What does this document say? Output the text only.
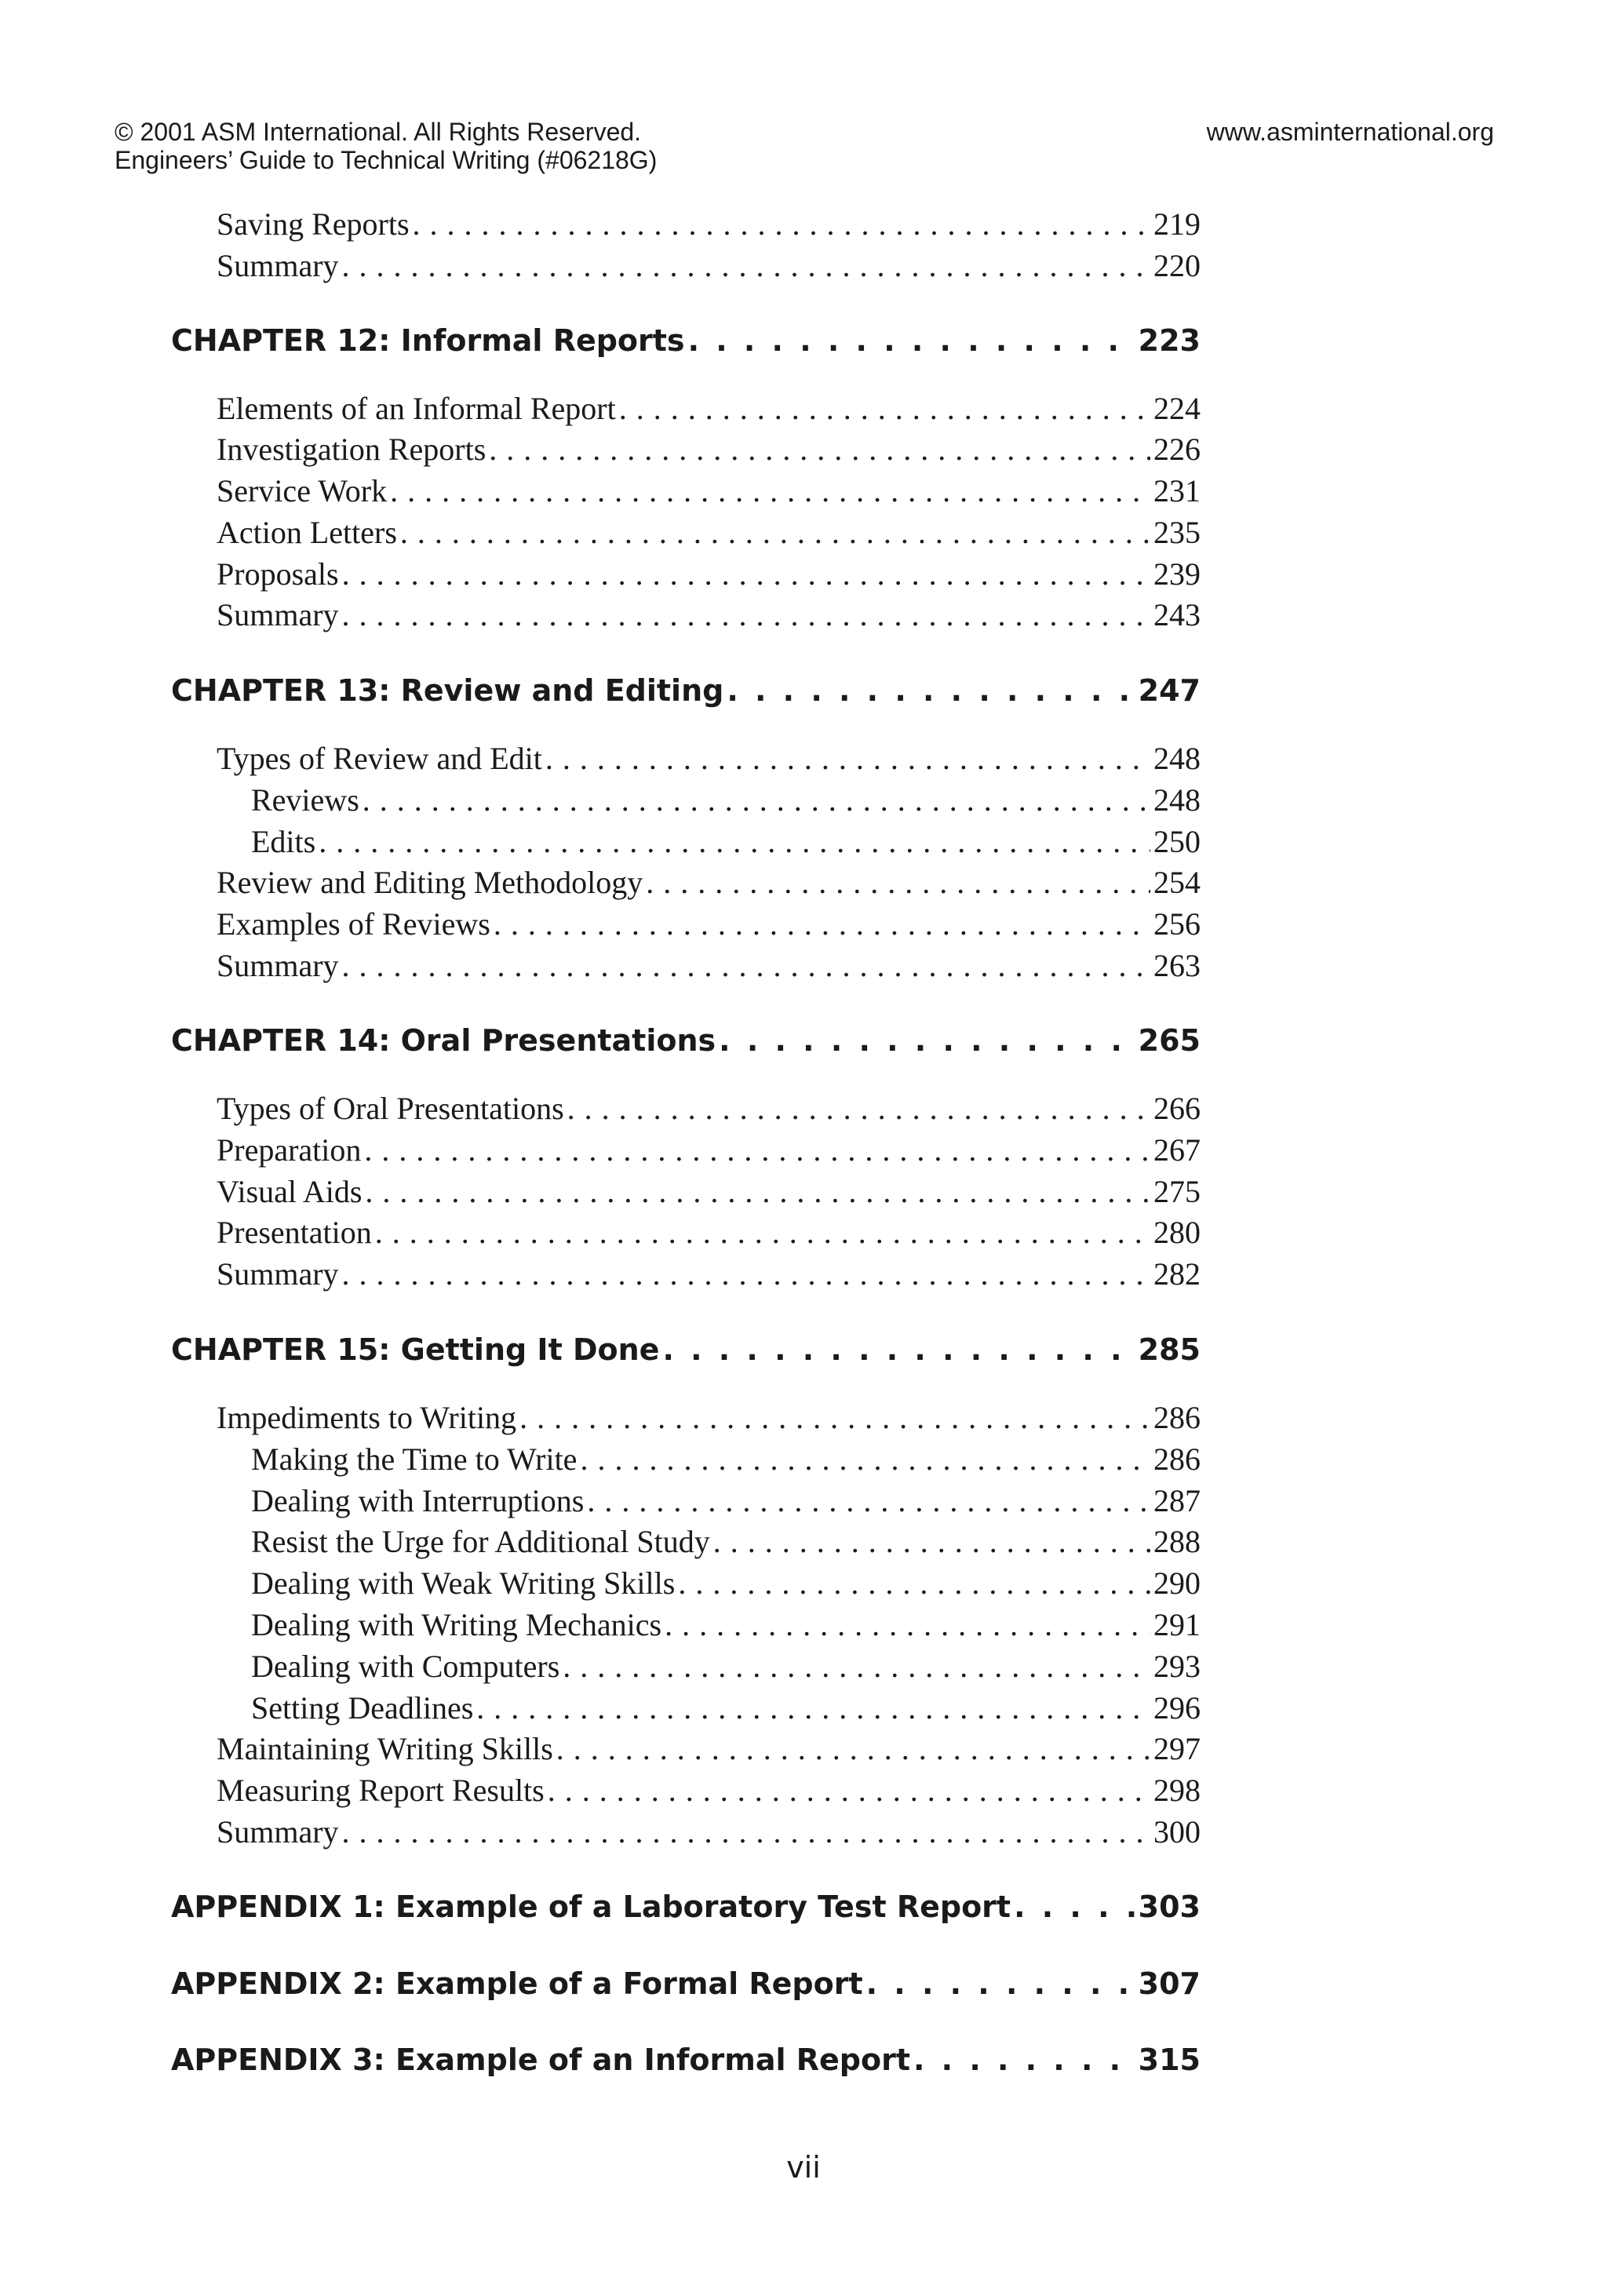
© 2001 ASM International. All Rights Reserved.	www.asminternational.org
Engineers’ Guide to Technical Writing (#06218G)
Saving Reports . . .	219
Summary . . .	220
CHAPTER 12: Informal Reports . . .	223
Elements of an Informal Report . . .	224
Investigation Reports . . .	226
Service Work . . .	231
Action Letters . . .	235
Proposals . . .	239
Summary . . .	243
CHAPTER 13: Review and Editing . . .	247
Types of Review and Edit . . .	248
Reviews . . .	248
Edits . . .	250
Review and Editing Methodology . . .	254
Examples of Reviews . . .	256
Summary . . .	263
CHAPTER 14: Oral Presentations . . .	265
Types of Oral Presentations . . .	266
Preparation . . .	267
Visual Aids . . .	275
Presentation . . .	280
Summary . . .	282
CHAPTER 15: Getting It Done . . .	285
Impediments to Writing . . .	286
Making the Time to Write . . .	286
Dealing with Interruptions . . .	287
Resist the Urge for Additional Study . . .	288
Dealing with Weak Writing Skills . . .	290
Dealing with Writing Mechanics . . .	291
Dealing with Computers . . .	293
Setting Deadlines . . .	296
Maintaining Writing Skills . . .	297
Measuring Report Results . . .	298
Summary . . .	300
APPENDIX 1: Example of a Laboratory Test Report . . .	303
APPENDIX 2: Example of a Formal Report . . .	307
APPENDIX 3: Example of an Informal Report . . .	315
vii
